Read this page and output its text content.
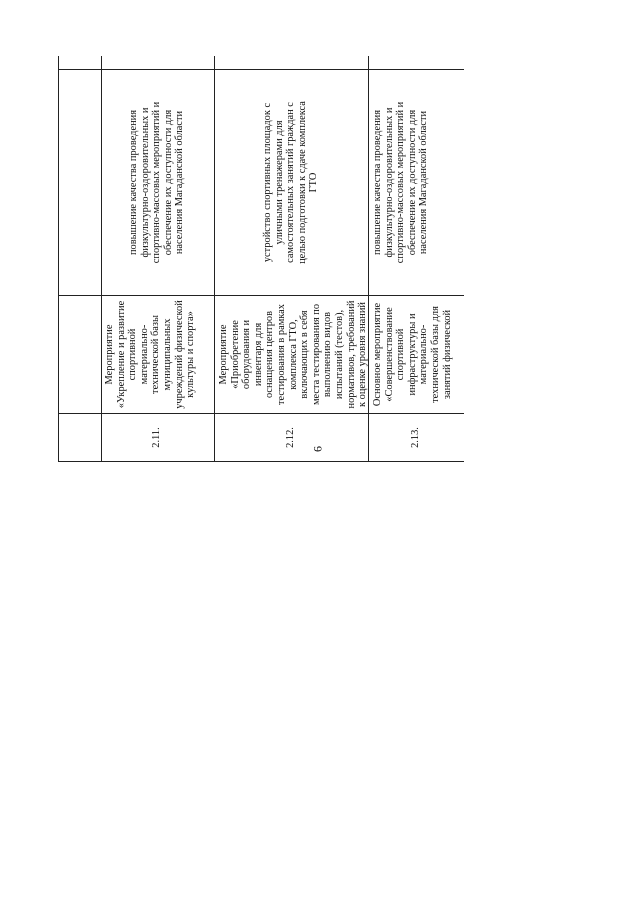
6
2.11.
Мероприятие
«Укрепление и развитие
спортивной
материально-
технической базы
муниципальных
учреждений физической
культуры и спорта»
повышение качества проведения
физкультурно-оздоровительных и
спортивно-массовых мероприятий и
обеспечение их доступности для
населения Магаданской области
2.12.
Мероприятие
«Приобретение
оборудования и
инвентаря для
оснащения центров
тестирования в рамках
комплекса ГТО,
включающих в себя
места тестирования по
выполнению видов
испытаний (тестов),
нормативов, требований
к оценке уровня знаний

устройство спортивных площадок с
уличными тренажерами для
самостоятельных занятий граждан с
целью подготовки к сдаче комплекса
ГТО
2.13.
Основное мероприятие
«Совершенствование
спортивной
инфраструктуры и
материально-
технической базы для
занятий физической
повышение качества проведения
физкультурно-оздоровительных и
спортивно-массовых мероприятий и
обеспечение их доступности для
населения Магаданской области
